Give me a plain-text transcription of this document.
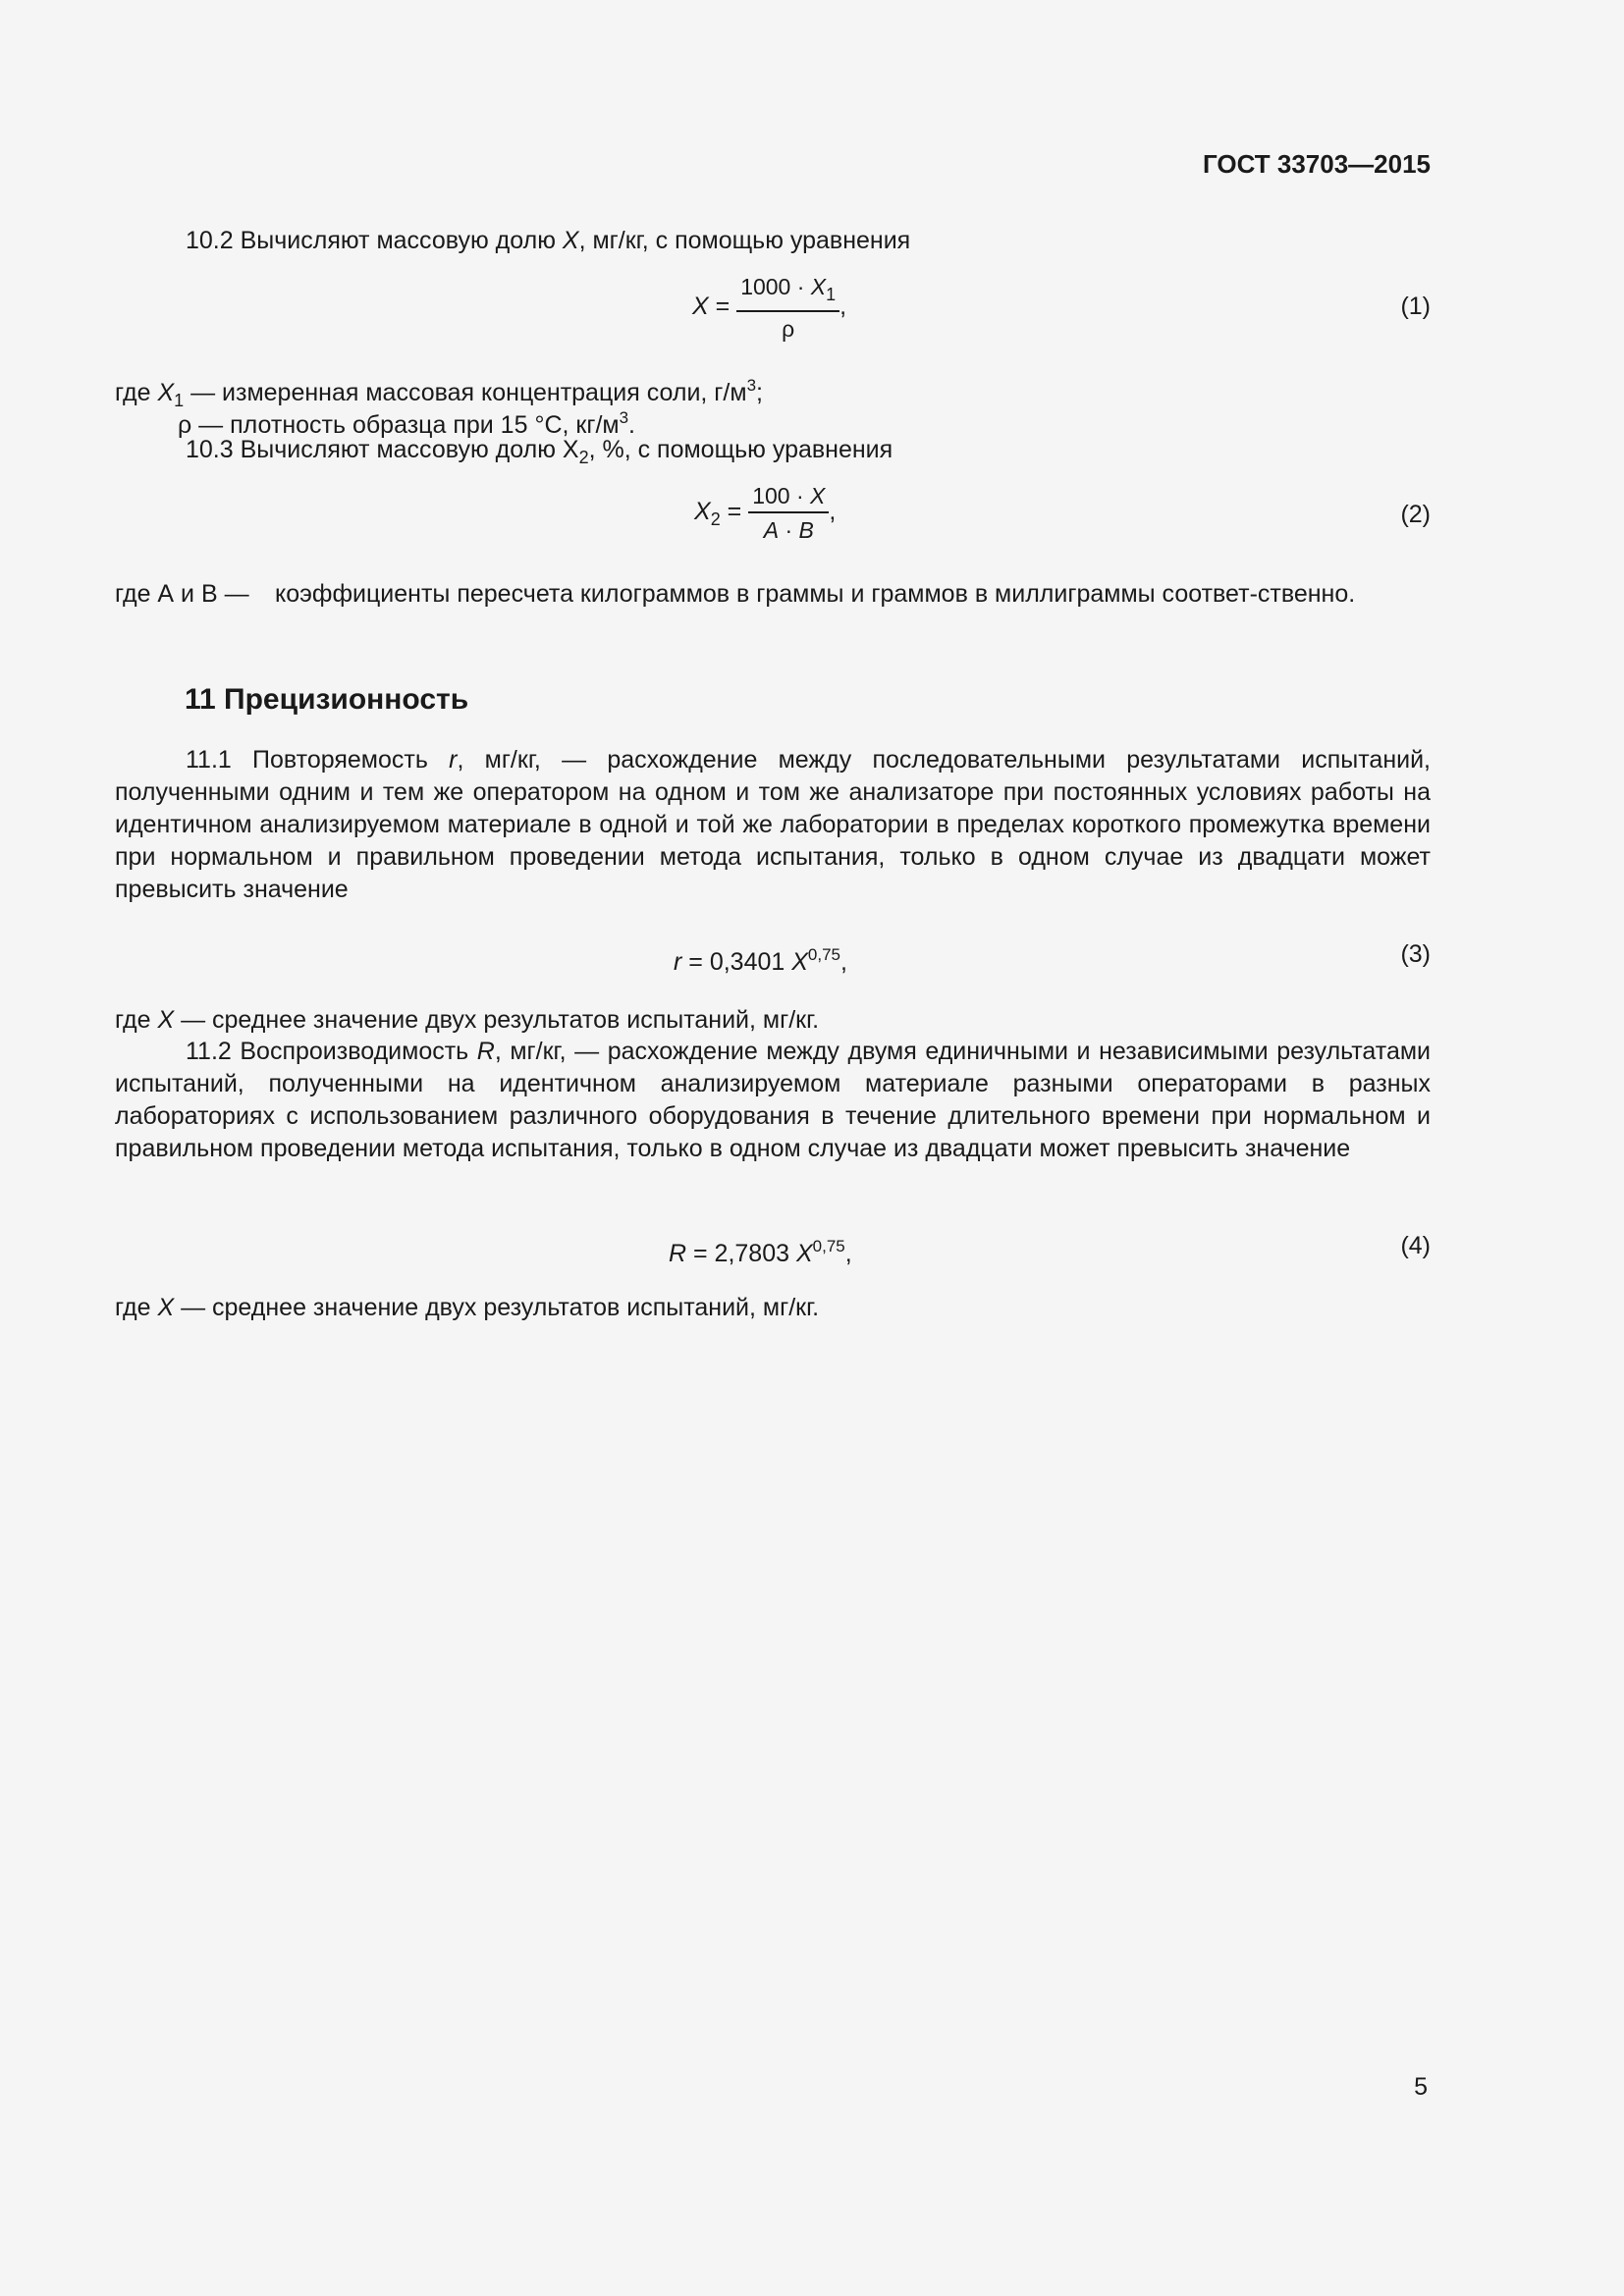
ГОСТ 33703—2015
10.2 Вычисляют массовую долю X, мг/кг, с помощью уравнения
$X = \frac{1000 \cdot X_1}{\rho}$ ,	(1)
где $X_1$ — измеренная массовая концентрация соли, $г/м^3$;
ρ — плотность образца при 15 °С, $кг/м^3$.
10.3 Вычисляют массовую долю $X_2$, %, с помощью уравнения
$X_2 = \frac{100 \cdot X}{A \cdot B}$ ,	(2)
где А и В — коэффициенты пересчета килограммов в граммы и граммов в миллиграммы соответ-ственно.
11 Прецизионность
11.1 Повторяемость r, мг/кг, — расхождение между последовательными результатами испытаний, полученными одним и тем же оператором на одном и том же анализаторе при постоянных условиях работы на идентичном анализируемом материале в одной и той же лаборатории в пределах короткого промежутка времени при нормальном и правильном проведении метода испытания, только в одном случае из двадцати может превысить значение
r = 0,3401 X$^{0,75}$,	(3)
где X — среднее значение двух результатов испытаний, мг/кг.
11.2 Воспроизводимость R, мг/кг, — расхождение между двумя единичными и независимыми результатами испытаний, полученными на идентичном анализируемом материале разными операторами в разных лабораториях с использованием различного оборудования в течение длительного времени при нормальном и правильном проведении метода испытания, только в одном случае из двадцати может превысить значение
R = 2,7803 X$^{0,75}$,	(4)
где X — среднее значение двух результатов испытаний, мг/кг.
5
